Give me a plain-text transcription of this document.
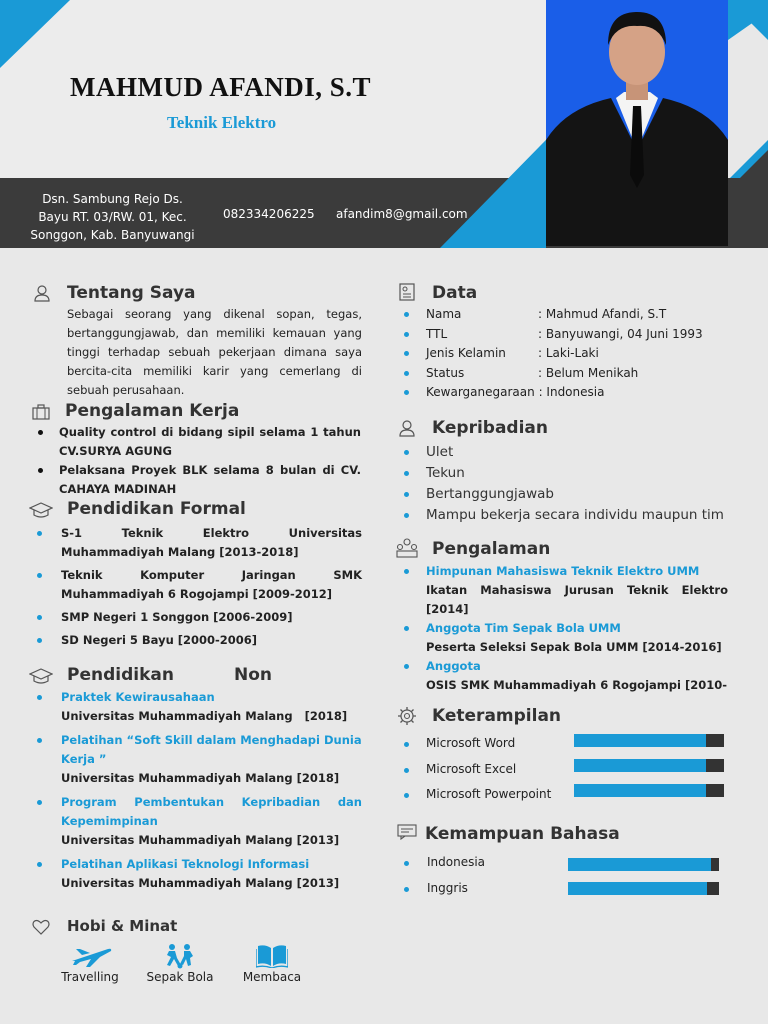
MAHMUD AFANDI, S.T
Teknik Elektro
Dsn. Sambung Rejo Ds.
Bayu RT. 03/RW. 01, Kec.
Songgon, Kab. Banyuwangi
082334206225 afandim8@gmail.com
Tentang Saya
Sebagai seorang yang dikenal sopan, tegas, bertanggungjawab, dan memiliki kemauan yang tinggi terhadap sebuah pekerjaan dimana saya bercita-cita memiliki karir yang cemerlang di sebuah perusahaan.
Pengalaman Kerja
Quality control di bidang sipil selama 1 tahun CV.SURYA AGUNG
Pelaksana Proyek BLK selama 8 bulan di CV. CAHAYA MADINAH
Pendidikan Formal
S-1 Teknik Elektro Universitas Muhammadiyah Malang [2013-2018]
Teknik Komputer Jaringan SMK Muhammadiyah 6 Rogojampi [2009-2012]
SMP Negeri 1 Songgon [2006-2009]
SD Negeri 5 Bayu [2000-2006]
Pendidikan	Non
Praktek Kewirausahaan
Universitas Muhammadiyah Malang   [2018]
Pelatihan “Soft Skill dalam Menghadapi Dunia Kerja ”
Universitas Muhammadiyah Malang [2018]
Program Pembentukan Kepribadian dan Kepemimpinan
Universitas Muhammadiyah Malang [2013]
Pelatihan Aplikasi Teknologi Informasi
Universitas Muhammadiyah Malang [2013]
Hobi & Minat
Travelling	Sepak Bola	Membaca
Data
Nama	: Mahmud Afandi, S.T
TTL	: Banyuwangi, 04 Juni 1993
Jenis Kelamin	: Laki-Laki
Status	: Belum Menikah
Kewarganegaraan : Indonesia
Kepribadian
Ulet
Tekun
Bertanggungjawab
Mampu bekerja secara individu maupun tim
Pengalaman
Himpunan Mahasiswa Teknik Elektro UMM
Ikatan Mahasiswa Jurusan Teknik Elektro [2014]
Anggota Tim Sepak Bola UMM
Peserta Seleksi Sepak Bola UMM [2014-2016]
Anggota
OSIS SMK Muhammadiyah 6 Rogojampi [2010-
Keterampilan
Microsoft Word
Microsoft Excel
Microsoft Powerpoint
Kemampuan Bahasa
Indonesia
Inggris
